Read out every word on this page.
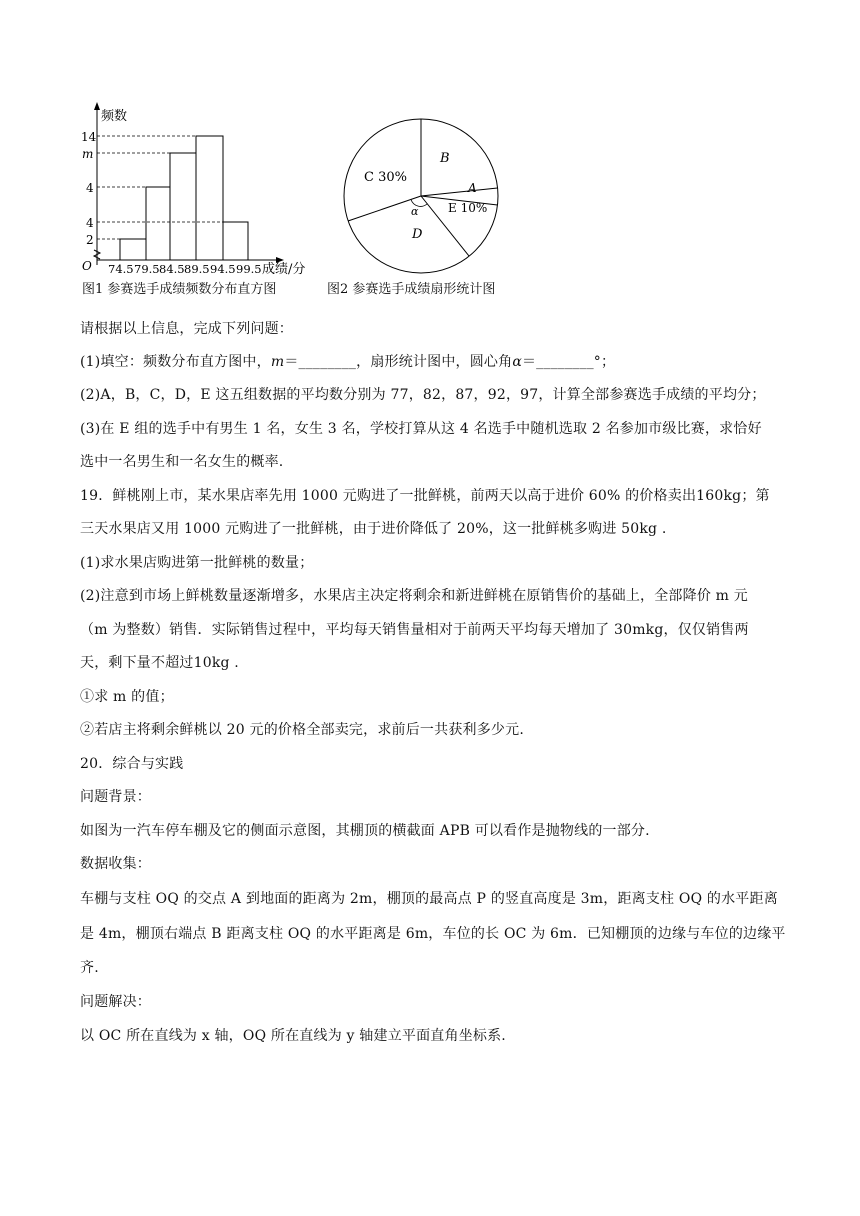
频数
14
m
4
4
2
O 74.5 79.5 84.5 89.5 94.5 99.5 成绩/分
B
C 30%
A
E 10%
α
D
图1 参赛选手成绩频数分布直方图	图2 参赛选手成绩扇形统计图
请根据以上信息，完成下列问题：
(1)填空：频数分布直方图中，m＝________，扇形统计图中，圆心角α＝________°；
(2)A，B，C，D，E 这五组数据的平均数分别为 77，82，87，92，97，计算全部参赛选手成绩的平均分；
(3)在 E 组的选手中有男生 1 名，女生 3 名，学校打算从这 4 名选手中随机选取 2 名参加市级比赛，求恰好
选中一名男生和一名女生的概率.
19．鲜桃刚上市，某水果店率先用 1000 元购进了一批鲜桃，前两天以高于进价 60% 的价格卖出160kg；第
三天水果店又用 1000 元购进了一批鲜桃，由于进价降低了 20%，这一批鲜桃多购进 50kg .
(1)求水果店购进第一批鲜桃的数量；
(2)注意到市场上鲜桃数量逐渐增多，水果店主决定将剩余和新进鲜桃在原销售价的基础上，全部降价 m 元
（m 为整数）销售．实际销售过程中，平均每天销售量相对于前两天平均每天增加了 30mkg，仅仅销售两
天，剩下量不超过10kg .
①求 m 的值；
②若店主将剩余鲜桃以 20 元的价格全部卖完，求前后一共获利多少元.
20．综合与实践
问题背景：
如图为一汽车停车棚及它的侧面示意图，其棚顶的横截面 APB 可以看作是抛物线的一部分.
数据收集：
车棚与支柱 OQ 的交点 A 到地面的距离为 2m，棚顶的最高点 P 的竖直高度是 3m，距离支柱 OQ 的水平距离
是 4m，棚顶右端点 B 距离支柱 OQ 的水平距离是 6m，车位的长 OC 为 6m．已知棚顶的边缘与车位的边缘平
齐.
问题解决：
以 OC 所在直线为 x 轴，OQ 所在直线为 y 轴建立平面直角坐标系.
